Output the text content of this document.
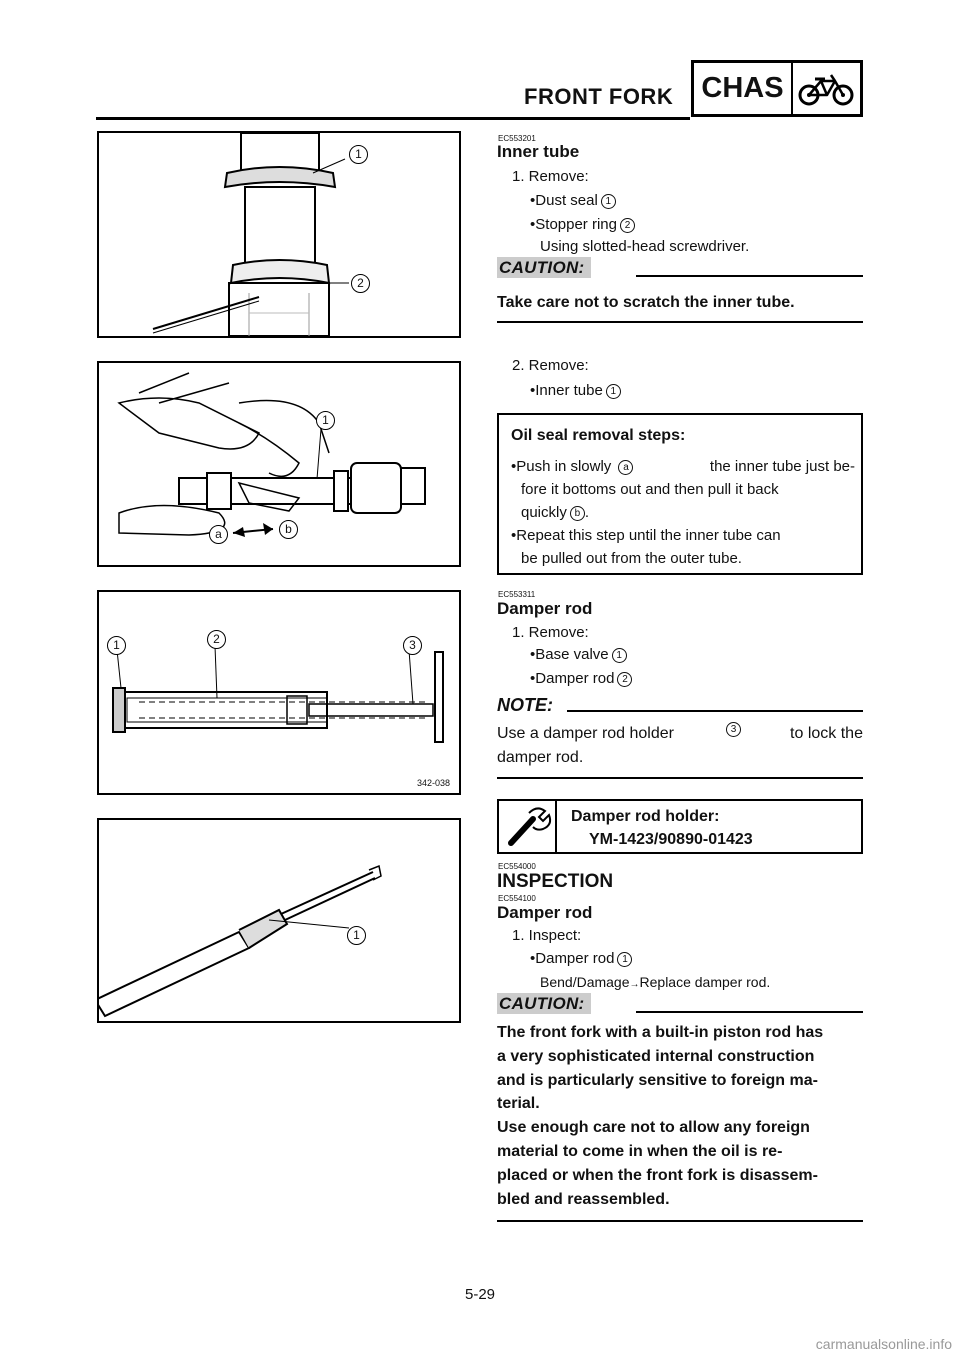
FRONT FORK CHAS
1
2
1
a	b
1	2	3
342-038
1
EC553201
Inner tube
1. Remove:
•Dust seal 1
•Stopper ring 2
Using slotted-head screwdriver.
CAUTION:
Take care not to scratch the inner tube.
2. Remove:
•Inner tube 1
Oil seal removal steps:
•Push in slowly a	the inner tube just be-
fore it bottoms out and then pull it back
quickly b .
•Repeat this step until the inner tube can
be pulled out from the outer tube.
EC553311
Damper rod
1. Remove:
•Base valve 1
•Damper rod 2
NOTE:
Use a damper rod holder	3	to lock the
damper rod.
Damper rod holder:
YM-1423/90890-01423
EC554000
INSPECTION
EC554100
Damper rod
1. Inspect:
•Damper rod 1
Bend/Damage→Replace damper rod.
CAUTION:
The front fork with a built-in piston rod has
a very sophisticated internal construction
and is particularly sensitive to foreign ma-
terial.
Use enough care not to allow any foreign
material to come in when the oil is re-
placed or when the front fork is disassem-
bled and reassembled.
5-29
carmanualsonline.info
